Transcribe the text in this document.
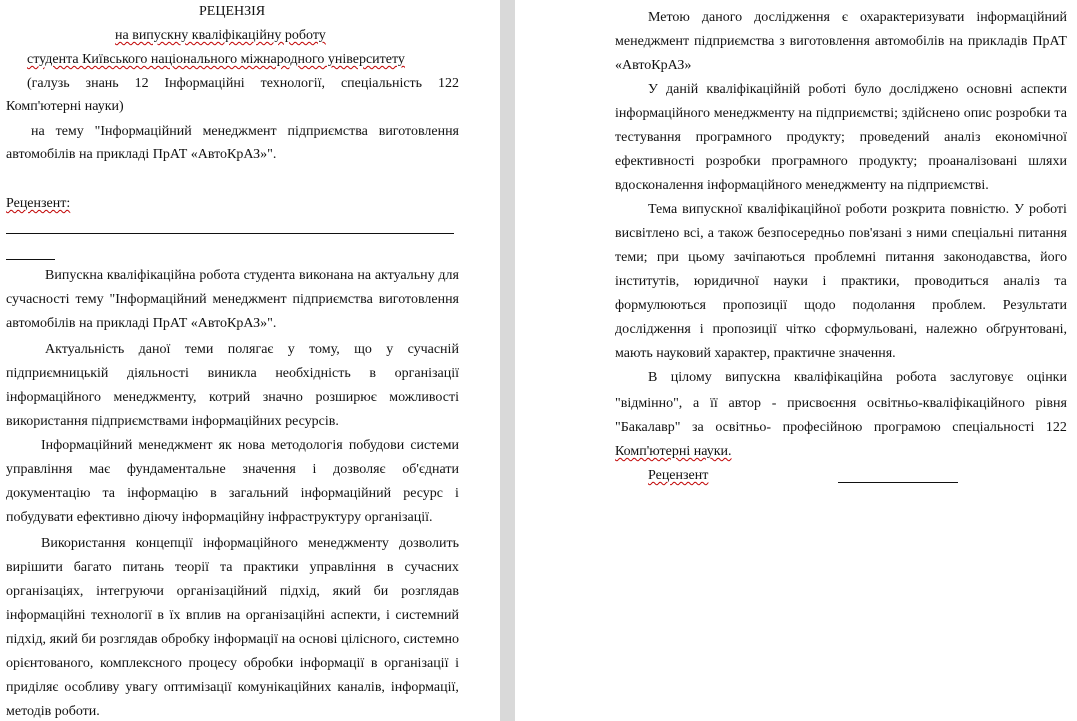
РЕЦЕНЗІЯ
на випускну кваліфікаційну роботу
студента Київського національного міжнародного університету
(галузь знань 12 Інформаційні технології, спеціальність 122
Комп'ютерні науки)
на тему "Інформаційний менеджмент підприємства виготовлення
автомобілів на прикладі ПрАТ «АвтоКрАЗ»".
Рецензент:
Випускна кваліфікаційна робота студента виконана на актуальну для
сучасності тему "Інформаційний менеджмент підприємства виготовлення
автомобілів на прикладі ПрАТ «АвтоКрАЗ»".
Актуальність даної теми полягає у тому, що у сучасній
підприємницькій діяльності виникла необхідність в організації
інформаційного менеджменту, котрий значно розширює можливості
використання підприємствами інформаційних ресурсів.
Інформаційний менеджмент як нова методологія побудови системи
управління має фундаментальне значення і дозволяє об'єднати
документацію та інформацію в загальний інформаційний ресурс і
побудувати ефективно діючу інформаційну інфраструктуру організації.
Використання концепції інформаційного менеджменту дозволить
вирішити багато питань теорії та практики управління в сучасних
організаціях, інтегруючи організаційний підхід, який би розглядав
інформаційні технології в їх вплив на організаційні аспекти, і системний
підхід, який би розглядав обробку інформації на основі цілісного, системно
орієнтованого, комплексного процесу обробки інформації в організації і
приділяє особливу увагу оптимізації комунікаційних каналів, інформації,
методів роботи.
Метою даного дослідження є охарактеризувати інформаційний
менеджмент підприємства з виготовлення автомобілів на прикладів ПрАТ
«АвтоКрАЗ»
У даній кваліфікаційній роботі було досліджено основні аспекти
інформаційного менеджменту на підприємстві; здійснено опис розробки та
тестування програмного продукту; проведений аналіз економічної
ефективності розробки програмного продукту; проаналізовані шляхи
вдосконалення інформаційного менеджменту на підприємстві.
Тема випускної кваліфікаційної роботи розкрита повністю. У роботі
висвітлено всі, а також безпосередньо пов'язані з ними спеціальні питання
теми; при цьому зачіпаються проблемні питання законодавства, його
інститутів, юридичної науки і практики, проводиться аналіз та
формулюються пропозиції щодо подолання проблем. Результати
дослідження і пропозиції чітко сформульовані, належно обґрунтовані,
мають науковий характер, практичне значення.
В цілому випускна кваліфікаційна робота заслуговує оцінки
"відмінно", а її автор - присвоєння освітньо-кваліфікаційного рівня
"Бакалавр" за освітньо- професійною програмою спеціальності 122
Комп'ютерні науки.
Рецензент
